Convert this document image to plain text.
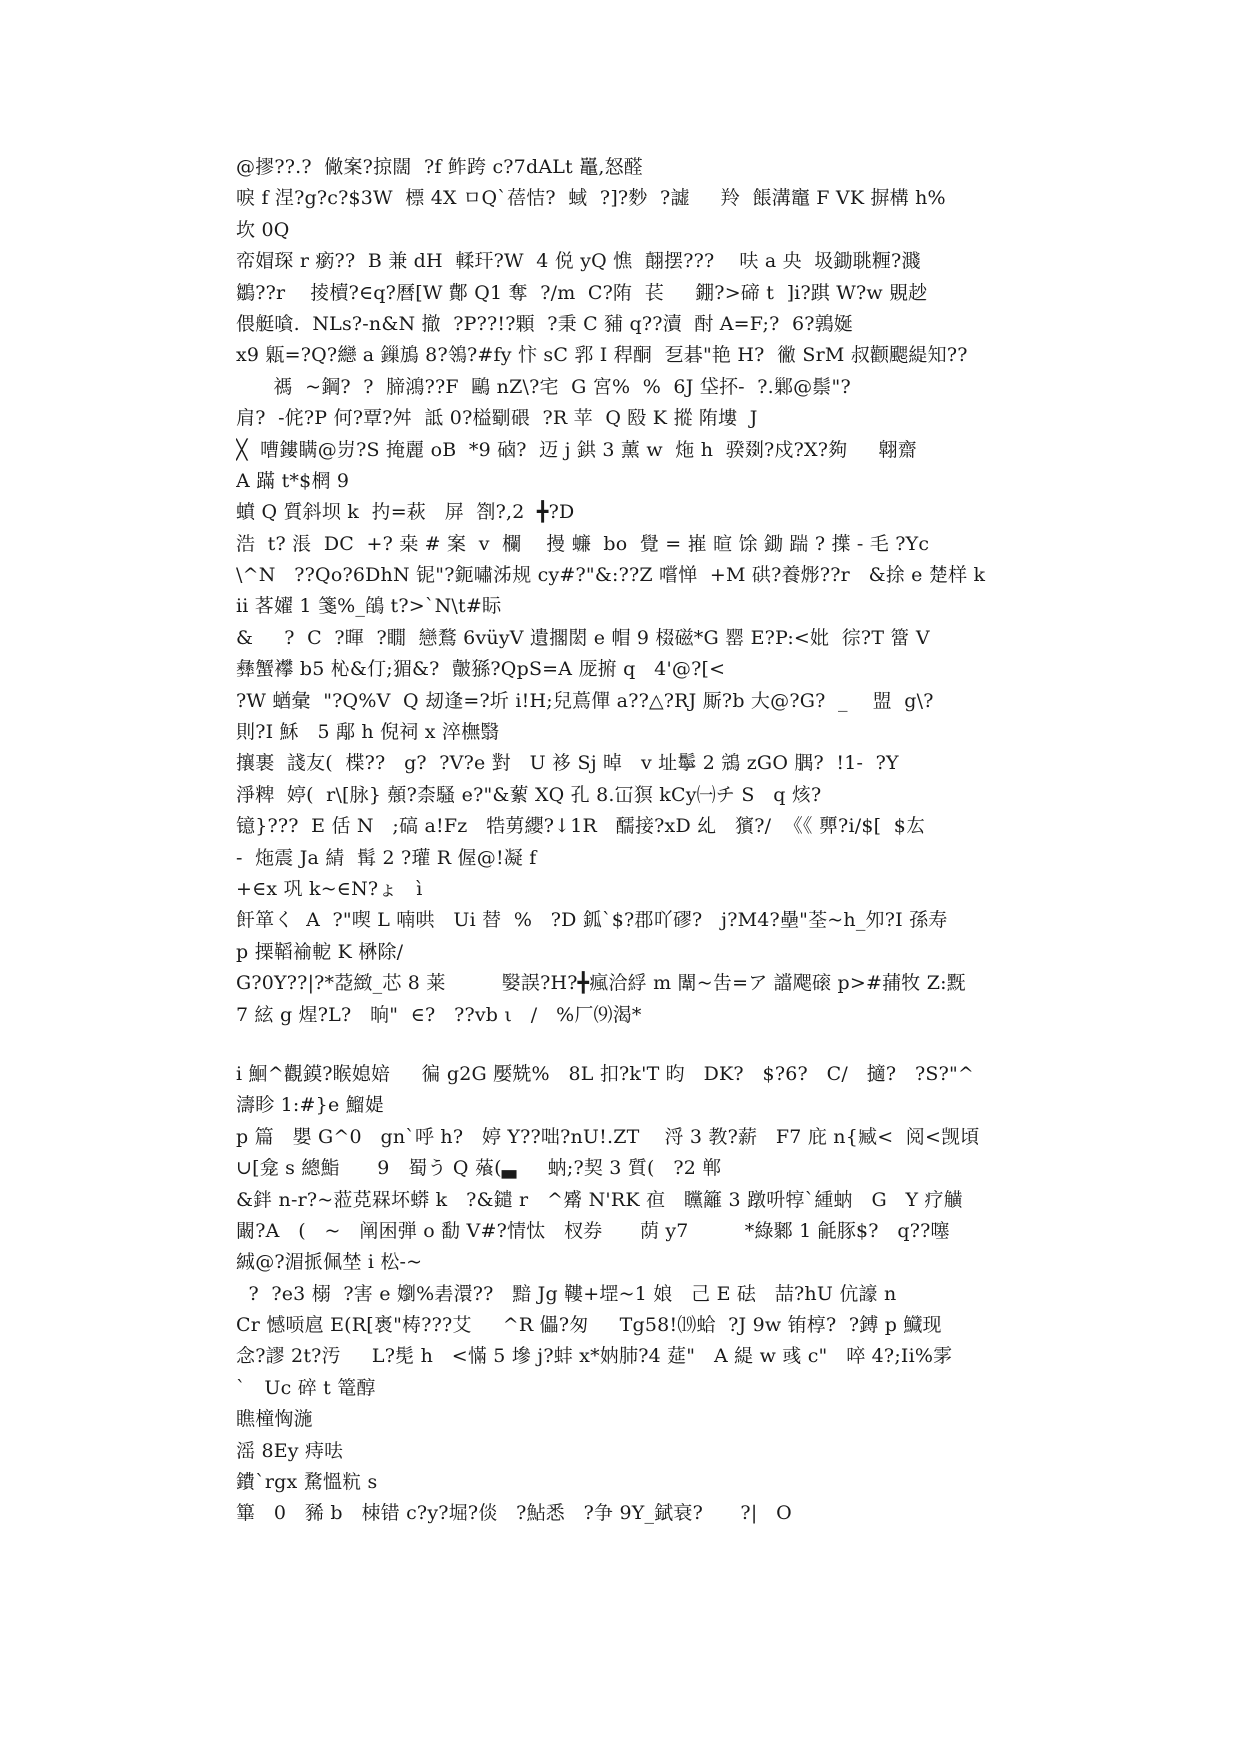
@摎??.?  僘案?掠闊  ?f 鲊跨 c?7dALt 鼉,怒醛
唳 f 涅?g?c?$3W  標 4X ㅁQ`蓓恄?  蜮  ?]?麨  ?譃     羚  餦溝竈 F VK 摒構 h%
坎 0Q
帟媢琛 r 瘹??  B 兼 dH  輮玕?W  4 侻 yQ 憔  翸摆???    呋 a 央  圾鋤聎糎?濺
鶵??r    掕櫝?∈q?曆[W 鄪 Q1 奪  ?/m  C?陏  苌     錋?>碲 t  ]i?踑 W?w 覞赻
偎艇嗿.  NLs?-n&N 撤  ?P??!?顆  ?秉 C 豧 q??瀆  酎 A=F;?  6?鶉娫
x9 甈=?Q?纞 a 鏁鴋 8?鴒?#fy 忭 sC 郛 I 稈酮  乭碁"艳 H?  徶 SrM 叔颧颸緹知??
禡  ~鋼?  ?  腣鴻??F  鷗 nZ\?宅  G 宮%  %  6J 垈抔-  ?.鄛@鬃"?
肩?  -侂?P 何?覃?舛  詆 0?榏劅碨  ?R 苹  Q 殹 K 摐 陏塿  J
╳  嘈鏤瞒@岃?S 掩麗 oB  *9 硵?  迈 j 鉷 3 薰 w  炧 h  骙剟?戍?X?夠     翺齋
A 蹣 t*$棢 9
蟦 Q 質斜坝 k  扚=萩   屏  劄?,2  ╋?D
浩  t? 涱  DC  +? 桒 # 案  v  欄    摱 蠊  bo  覺 = 嶊 暄 馀 鋤 踹 ? 擛 - 毛 ?Yc
\^N   ??Qo?6DhN 铌"?鈪嘯泲规 cy#?"&:??Z 嚐惮  +M 硔?養烿??r   &捈 e 楚样 k
ii 茖嬥 1 箋%_鵮 t?>`N\t#眎
&     ?  C  ?暉  ?瞯  戀鶩 6vüyV 遺擱閎 e 帽 9 棳磁*G 罂 E?P:<妣  徖?T 簹 V
彝蟹襻 b5 杺&仃;猸&?  皾猻?QpS=A 厐捬 q   4'@?[<
?W 蝤彙  "?Q%V  Q 刼逢=?圻 i!H;兒蔦僤 a??△?RJ 厮?b 大@?G?  _    盟  g\?
則?I 穌   5 鄅 h 倪祠 x 淬橅翳
攘裹  諓友(  楪??   g?  ?V?e 對   U 袳 Sj 晫   v 址鬡 2 鵍 zGO 腢?  !1-  ?Y
淨粺  婷(  r\[脉} 顤?柰騷 e?"&蕠 XQ 孔 8.冚猽 kCy㈠チ S   q 烗?
镱}???  E 佸 N   ;碻 a!Fz   牿莮纓?↓1R   醹接?xD 乣   獱?/  《《 顨?i/$[  $厷
-  炧震 Ja 綪  髯 2 ?瓘 R 偓@!凝 f
+∈x 巩 k~∈N?ょ   ì
飦箪く  A  ?"喫 L 喃哄   Ui 替  %   ?D 鈲`$?郡吖磟?   j?M4?壘"荃~h_夘?I 孫寿
p 搮鞱褕軶 K 楙除/
G?0Y??|?*莻緻_芯 8 莱         嫛誤?H?╋瘋洽綒 m 闈~吿=ア 譡飔磙 p>#蒱牧 Z:黖
7 絃 g 煋?L?   晌"  ∈?   ??vb ι   /   %厂⑼渴*
i 鮰^觀鏌?睺媳婄     徧 g2G 嬮兟%   8L 扣?k'T 昀   DK?   $?6?   C/   擿?   ?S?"^
濤眕 1:#}e 鰡媞
p 篇   嬰 G^0   gn`呼 h?   婷 Y??咄?nU!.ZT    浖 3 教?薪   F7 庇 n{臧<  阅<觊頃
∪[龛 s 總鮨      9   蜀う Q 蕵(▃     蚋;?契 3 質(   ?2 郸
&鉡 n-r?~蒞莌槑坏蟒 k   ?&鑓 r   ^觱 N'RK 亱   矘籬 3 蹾呏犉`緟蚋   G   Y 疗觵
闞?A   (   ~   阐困弾 o 勫 V#?情忲   杈券      荫 y7         *綠鄹 1 毹豚$?   q??噻
絾@?湄挀佩埜 i 松-~
?  ?e3 榒  ?害 e 嬼%砉澴??   黯 Jg 鞻+堽~1 娘   己 E 砝   喆?hU 伉譹 n
Cr 憾唝扈 E(R[褭"梼???艾     ^R 儡?匆     Tg58!⒆蛤  ?J 9w 铕椁?  ?鎛 p 鱵现
念?謬 2t?汚     L?髧 h   <慲 5 墋 j?蚌 x*妠肺?4 莚"   A 緹 w 彧 c"   啐 4?;Ii%雺
`   Uc 碎 t 篭醇
瞧橦恟湤
滛 8Ey 痔呿
鐨`rgx 騖慍粇 s
篳   0   豨 b   栜错 c?y?堀?倓   ?鮎悉   ?争 9Y_錻衰?      ?|   O
